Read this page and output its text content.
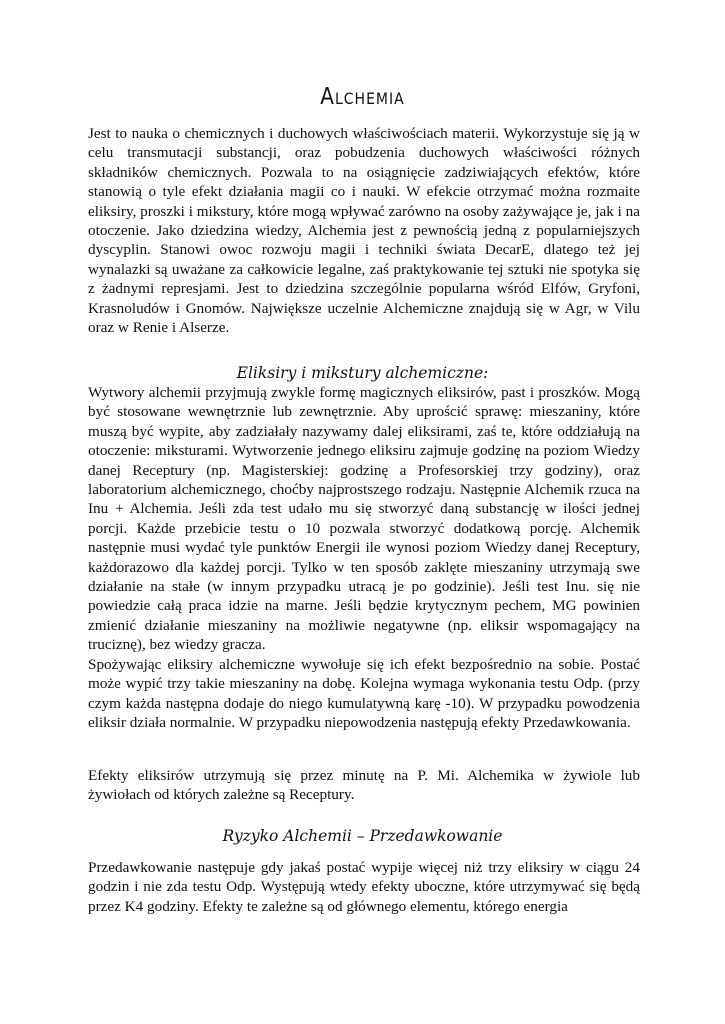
Alchemia

Jest to nauka o chemicznych i duchowych właściwościach materii. Wykorzystuje się ją w celu transmutacji substancji, oraz pobudzenia duchowych właściwości różnych składników chemicznych. Pozwala to na osiągnięcie zadziwiających efektów, które stanowią o tyle efekt działania magii co i nauki. W efekcie otrzymać można rozmaite eliksiry, proszki i mikstury, które mogą wpływać zarówno na osoby zażywające je, jak i na otoczenie. Jako dziedzina wiedzy, Alchemia jest z pewnością jedną z popularniejszych dyscyplin. Stanowi owoc rozwoju magii i techniki świata DecarE, dlatego też jej wynalazki są uważane za całkowicie legalne, zaś praktykowanie tej sztuki nie spotyka się z żadnymi represjami. Jest to dziedzina szczególnie popularna wśród Elfów, Gryfoni, Krasnoludów i Gnomów. Największe uczelnie Alchemiczne znajdują się w Agr, w Vilu oraz w Renie i Alserze.

Eliksiry i mikstury alchemiczne:

Wytwory alchemii przyjmują zwykle formę magicznych eliksirów, past i proszków. Mogą być stosowane wewnętrznie lub zewnętrznie. Aby uprościć sprawę: mieszaniny, które muszą być wypite, aby zadziałały nazywamy dalej eliksirami, zaś te, które oddziałują na otoczenie: miksturami. Wytworzenie jednego eliksiru zajmuje godzinę na poziom Wiedzy danej Receptury (np. Magisterskiej: godzinę a Profesorskiej trzy godziny), oraz laboratorium alchemicznego, choćby najprostszego rodzaju. Następnie Alchemik rzuca na Inu + Alchemia. Jeśli zda test udało mu się stworzyć daną substancję w ilości jednej porcji. Każde przebicie testu o 10 pozwala stworzyć dodatkową porcję. Alchemik następnie musi wydać tyle punktów Energii ile wynosi poziom Wiedzy danej Receptury, każdorazowo dla każdej porcji. Tylko w ten sposób zaklęte mieszaniny utrzymają swe działanie na stałe (w innym przypadku utracą je po godzinie). Jeśli test Inu. się nie powiedzie całą praca idzie na marne. Jeśli będzie krytycznym pechem, MG powinien zmienić działanie mieszaniny na możliwie negatywne (np. eliksir wspomagający na truciznę), bez wiedzy gracza.

Spożywając eliksiry alchemiczne wywołuje się ich efekt bezpośrednio na sobie. Postać może wypić trzy takie mieszaniny na dobę. Kolejna wymaga wykonania testu Odp. (przy czym każda następna dodaje do niego kumulatywną karę -10). W przypadku powodzenia eliksir działa normalnie. W przypadku niepowodzenia następują efekty Przedawkowania.

Efekty eliksirów utrzymują się przez minutę na P. Mi. Alchemika w żywiole lub żywiołach od których zależne są Receptury.

Ryzyko Alchemii – Przedawkowanie

Przedawkowanie następuje gdy jakaś postać wypije więcej niż trzy eliksiry w ciągu 24 godzin i nie zda testu Odp. Występują wtedy efekty uboczne, które utrzymywać się będą przez K4 godziny. Efekty te zależne są od głównego elementu, którego energia
